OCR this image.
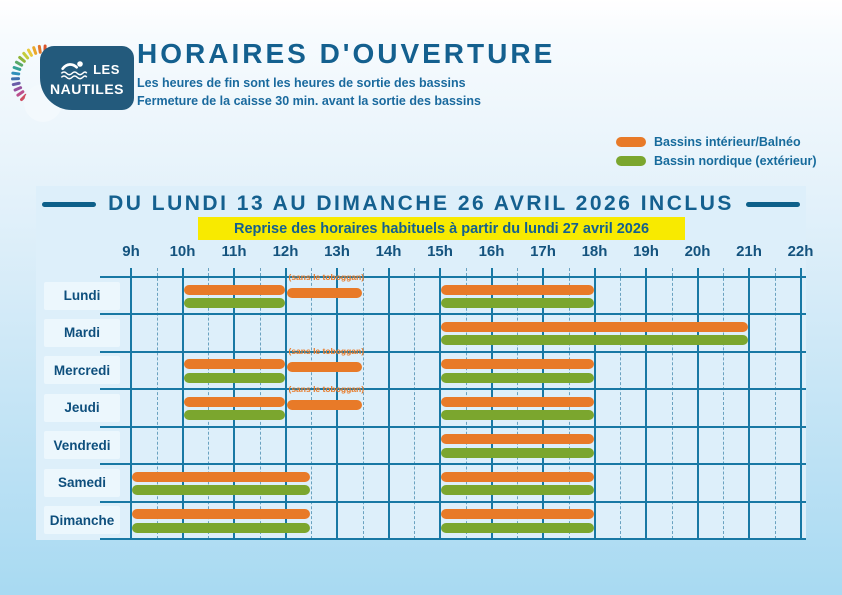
LES
NAUTILES
HORAIRES D'OUVERTURE

Les heures de fin sont les heures de sortie des bassins

Fermeture de la caisse 30 min. avant la sortie des bassins

Bassins intérieur/Balnéo
Bassin nordique (extérieur)
DU LUNDI 13 AU DIMANCHE 26 AVRIL 2026 INCLUS
Reprise des horaires habituels à partir du lundi 27 avril 2026
9h 10h 11h 12h 13h 14h 15h 16h 17h 18h 19h 20h 21h 22h
Lundi
(sans le toboggan)
Mardi
Mercredi
(sans le toboggan)
Jeudi
(sans le toboggan)
Vendredi
Samedi
Dimanche
